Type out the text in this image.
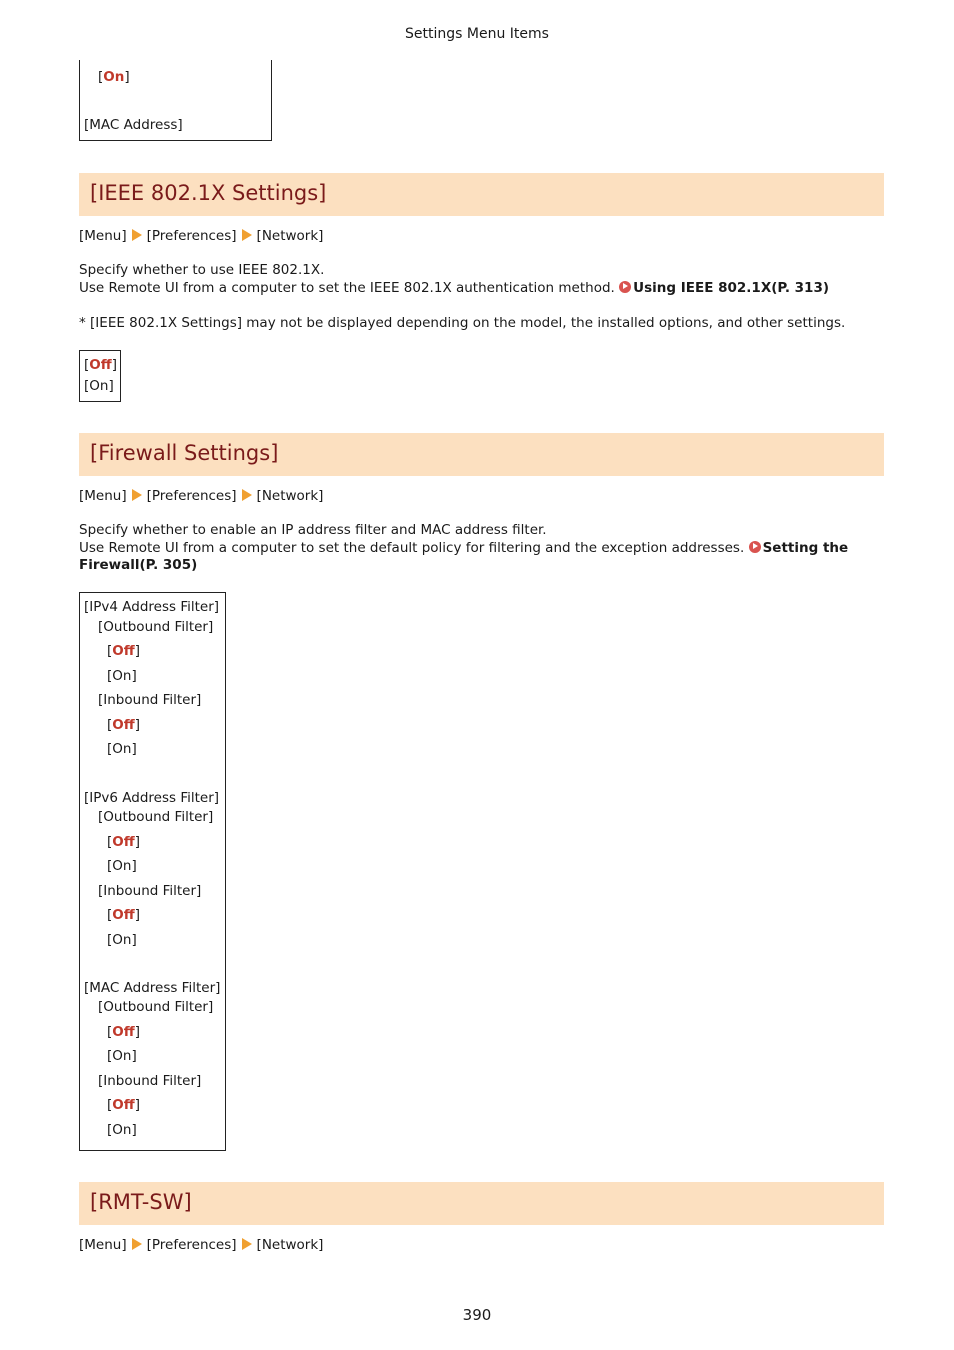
Settings Menu Items
[On]
[MAC Address]
[IEEE 802.1X Settings]
[Menu] [Preferences] [Network]
Specify whether to use IEEE 802.1X.
Use Remote UI from a computer to set the IEEE 802.1X authentication method. Using IEEE 802.1X(P. 313)
* [IEEE 802.1X Settings] may not be displayed depending on the model, the installed options, and other settings.
[Off]
[On]
[Firewall Settings]
[Menu] [Preferences] [Network]
Specify whether to enable an IP address filter and MAC address filter.
Use Remote UI from a computer to set the default policy for filtering and the exception addresses. Setting the
Firewall(P. 305)
[IPv4 Address Filter]
[Outbound Filter]
[Off]
[On]
[Inbound Filter]
[Off]
[On]
[IPv6 Address Filter]
[Outbound Filter]
[Off]
[On]
[Inbound Filter]
[Off]
[On]
[MAC Address Filter]
[Outbound Filter]
[Off]
[On]
[Inbound Filter]
[Off]
[On]
[RMT-SW]
[Menu] [Preferences] [Network]
390
